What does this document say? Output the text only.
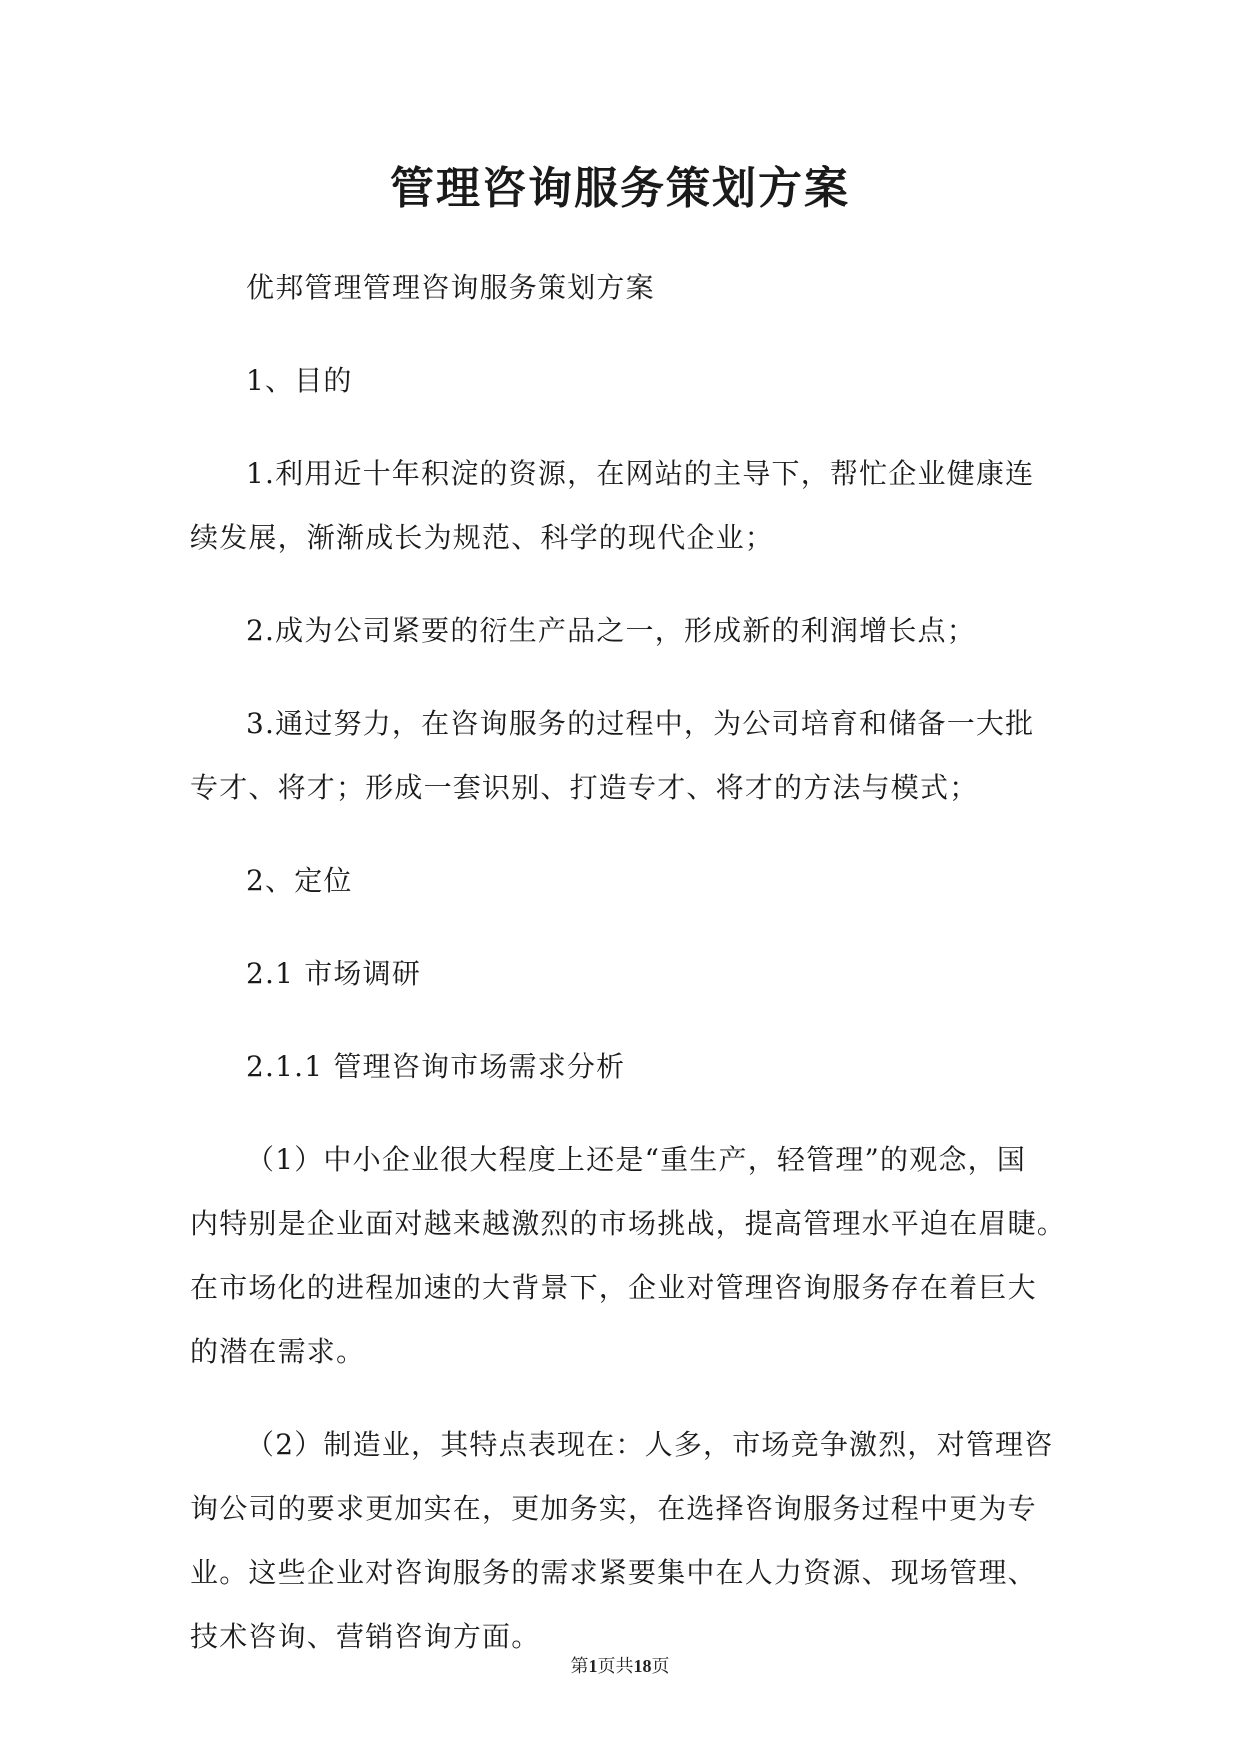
管理咨询服务策划方案

优邦管理管理咨询服务策划方案

1、目的

1.利用近十年积淀的资源，在网站的主导下，帮忙企业健康连
续发展，渐渐成长为规范、科学的现代企业；

2.成为公司紧要的衍生产品之一，形成新的利润增长点；

3.通过努力，在咨询服务的过程中，为公司培育和储备一大批
专才、将才；形成一套识别、打造专才、将才的方法与模式；

2、定位

2.1 市场调研

2.1.1 管理咨询市场需求分析

（1）中小企业很大程度上还是“重生产，轻管理”的观念，国
内特别是企业面对越来越激烈的市场挑战，提高管理水平迫在眉睫。
在市场化的进程加速的大背景下，企业对管理咨询服务存在着巨大
的潜在需求。

（2）制造业，其特点表现在：人多，市场竞争激烈，对管理咨
询公司的要求更加实在，更加务实，在选择咨询服务过程中更为专
业。这些企业对咨询服务的需求紧要集中在人力资源、现场管理、
技术咨询、营销咨询方面。

第1页共18页
